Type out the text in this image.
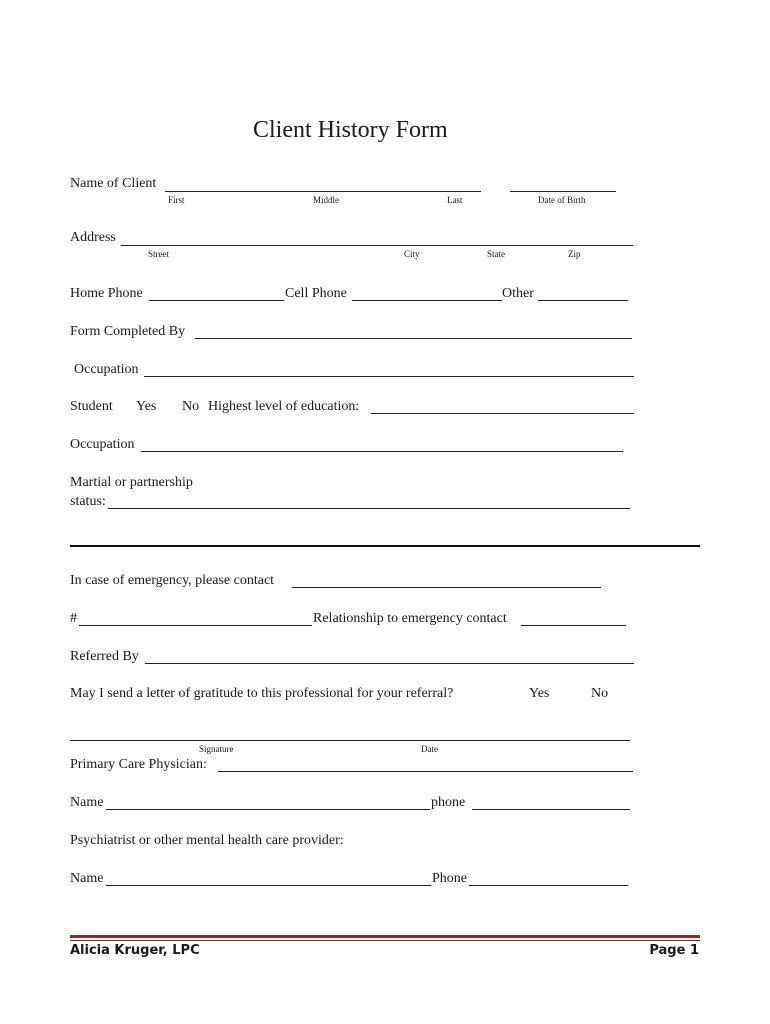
Client History Form
Name of Client
First	Middle	Last	Date of Birth
Address
Street	City	State	Zip
Home Phone	Cell Phone	Other
Form Completed By
Occupation
Student Yes No Highest level of education:
Occupation
Martial or partnership
status:
In case of emergency, please contact
#	Relationship to emergency contact
Referred By
May I send a letter of gratitude to this professional for your referral?	Yes	No
Signature	Date
Primary Care Physician:
Name	phone
Psychiatrist or other mental health care provider:
Name	Phone
Alicia Kruger, LPC	Page 1
